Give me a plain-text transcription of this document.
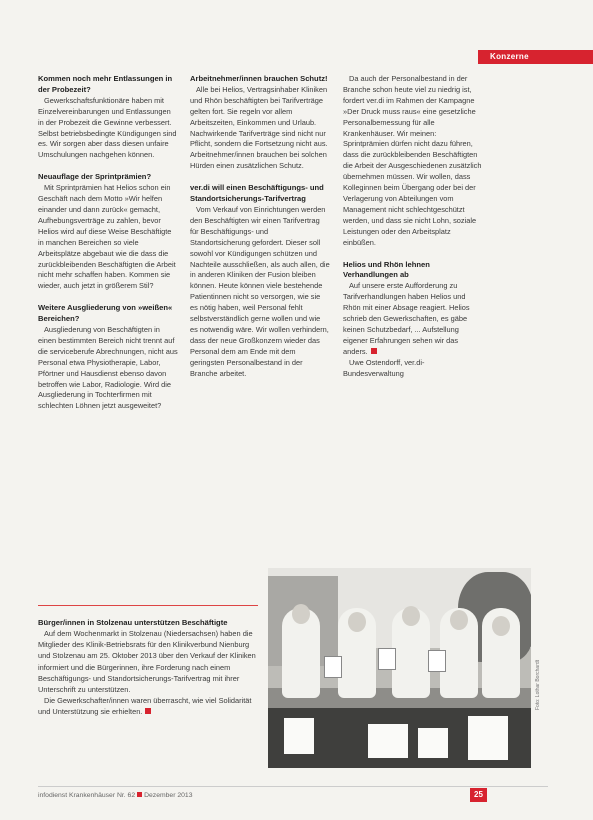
Konzerne
Kommen noch mehr Entlassungen in der Probezeit?

Gewerkschaftsfunktionäre haben mit Einzelvereinbarungen und Entlassungen in der Probezeit die Gewinne verbessert. Selbst betriebsbedingte Kündigungen sind es. Wir sorgen aber dass diesen unfaire Umschulungen nachgehen können.

Neuauflage der Sprintprämien?

Mit Sprintprämien hat Helios schon ein Geschäft nach dem Motto »Wir helfen einander und dann zurück« gemacht, Aufhebungsverträge zu zahlen, bevor Helios wird auf diese Weise Beschäftigte in manchen Bereichen so viele Arbeitsplätze abgebaut wie die dass die zurückbleibenden Beschäftigten die Arbeit nicht mehr schaffen haben. Kommen sie wieder, auch jetzt in größerem Stil?

Weitere Ausgliederung von »weißen« Bereichen?

Ausgliederung von Beschäftigten in einen bestimmten Bereich nicht trennt auf die serviceberufe Abrechnungen, nicht aus Personal etwa Physiotherapie, Labor, Pförtner und Hausdienst ebenso davon betroffen wie Labor, Radiologie. Wird die Ausgliederung in Tochterfirmen mit schlechten Löhnen jetzt ausgeweitet?

Arbeitnehmer/innen brauchen Schutz!

Alle bei Helios, Vertragsinhaber Kliniken und Rhön beschäftigten bei Tarifverträge gelten fort. Sie regeln vor allem Arbeitszeiten, Einkommen und Urlaub. Nachwirkende Tarifverträge sind nicht nur Pflicht, sondern die Fortsetzung nicht aus. Arbeitnehmer/innen brauchen bei solchen Hürden einen zusätzlichen Schutz.

ver.di will einen Beschäftigungs- und Standortsicherungs-Tarifvertrag

Vom Verkauf von Einrichtungen werden den Beschäftigten wir einen Tarifvertrag für Beschäftigungs- und Standortsicherung gefordert. Dieser soll sowohl vor Kündigungen schützen und Nachteile ausschließen, als auch allen, die in anderen Kliniken der Fusion bleiben können. Heute können viele bestehende Patientinnen nicht so versorgen, wie sie es nötig haben, weil Personal fehlt selbstverständlich gerne wollen und wie es notwendig wäre. Wir wollen verhindern, dass der neue Großkonzern wieder das Personal dem am Ende mit dem geringsten Personalbestand in der Branche arbeitet.

Da auch der Personalbestand in der Branche schon heute viel zu niedrig ist, fordert ver.di im Rahmen der Kampagne »Der Druck muss raus« eine gesetzliche Personalbemessung für alle Krankenhäuser. Wir meinen: Sprintprämien dürfen nicht dazu führen, dass die zurückbleibenden Beschäftigten die Arbeit der Ausgeschiedenen zusätzlich übernehmen müssen. Wir wollen, dass Kolleginnen beim Übergang oder bei der Verlagerung von Abteilungen vom Management nicht schlechtgeschützt werden, und dass sie nicht Lohn, soziale Leistungen oder den Arbeitsplatz einbüßen.

Helios und Rhön lehnen Verhandlungen ab

Auf unsere erste Aufforderung zu Tarifverhandlungen haben Helios und Rhön mit einer Absage reagiert. Helios schrieb den Gewerkschaften, es gäbe keinen Schutzbedarf, ... Aufstellung eigener Erfahrungen sehen wir das anders.

Uwe Ostendorff, ver.di-Bundesverwaltung

Bürger/innen in Stolzenau unterstützen Beschäftigte

Auf dem Wochenmarkt in Stolzenau (Niedersachsen) haben die Mitglieder des Klinik-Betriebsrats für den Klinikverbund Nienburg und Stolzenau am 25. Oktober 2013 über den Verkauf der Kliniken informiert und die Bürgerinnen, ihre Forderung nach einem Beschäftigungs- und Standortsicherungs-Tarifvertrag mit ihrer Unterschrift zu unterstützen.

Die Gewerkschafter/innen waren überrascht, wie viel Solidarität und Unterstützung sie erhielten.

Foto: Lothar Borchardt
infodienst Krankenhäuser Nr. 62 Dezember 2013	25
